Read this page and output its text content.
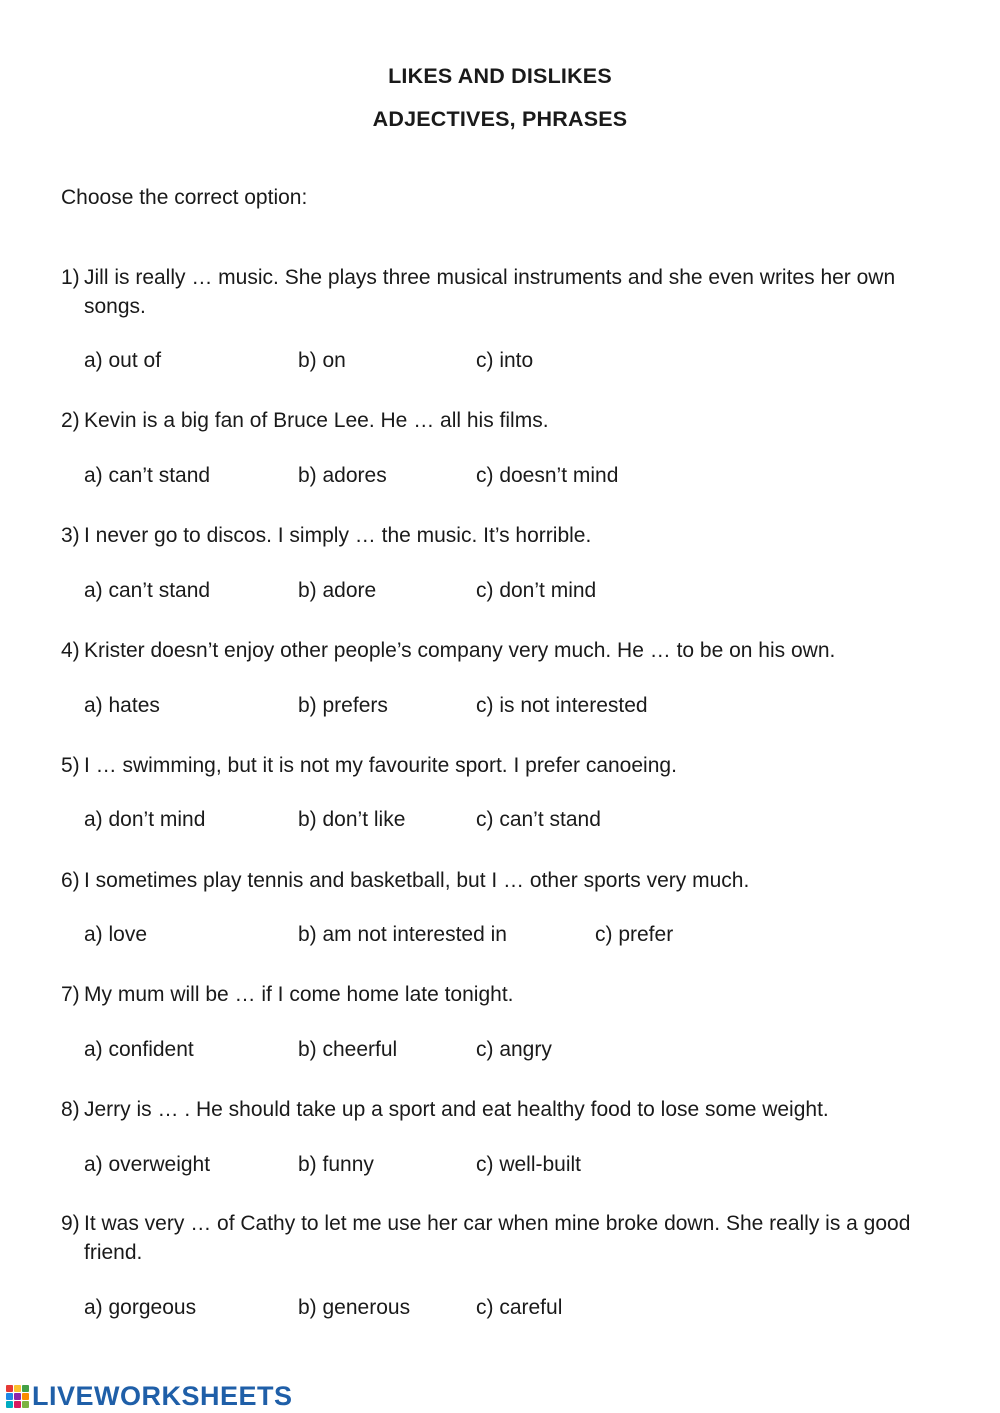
LIKES AND DISLIKES
ADJECTIVES, PHRASES
Choose the correct option:
1) Jill is really … music. She plays three musical instruments and she even writes her own
songs.
a) out of	b) on	c) into
2) Kevin is a big fan of Bruce Lee. He … all his films.
a) can’t stand	b) adores	c) doesn’t mind
3) I never go to discos. I simply … the music. It’s horrible.
a) can’t stand	b) adore	c) don’t mind
4) Krister doesn’t enjoy other people’s company very much. He … to be on his own.
a) hates	b) prefers	c) is not interested
5) I … swimming, but it is not my favourite sport. I prefer canoeing.
a) don’t mind	b) don’t like	c) can’t stand
6) I sometimes play tennis and basketball, but I … other sports very much.
a) love	b) am not interested in	c) prefer
7) My mum will be … if I come home late tonight.
a) confident	b) cheerful	c) angry
8) Jerry is … . He should take up a sport and eat healthy food to lose some weight.
a) overweight	b) funny	c) well-built
9) It was very … of Cathy to let me use her car when mine broke down. She really is a good
friend.
a) gorgeous	b) generous	c) careful
LIVEWORKSHEETS
